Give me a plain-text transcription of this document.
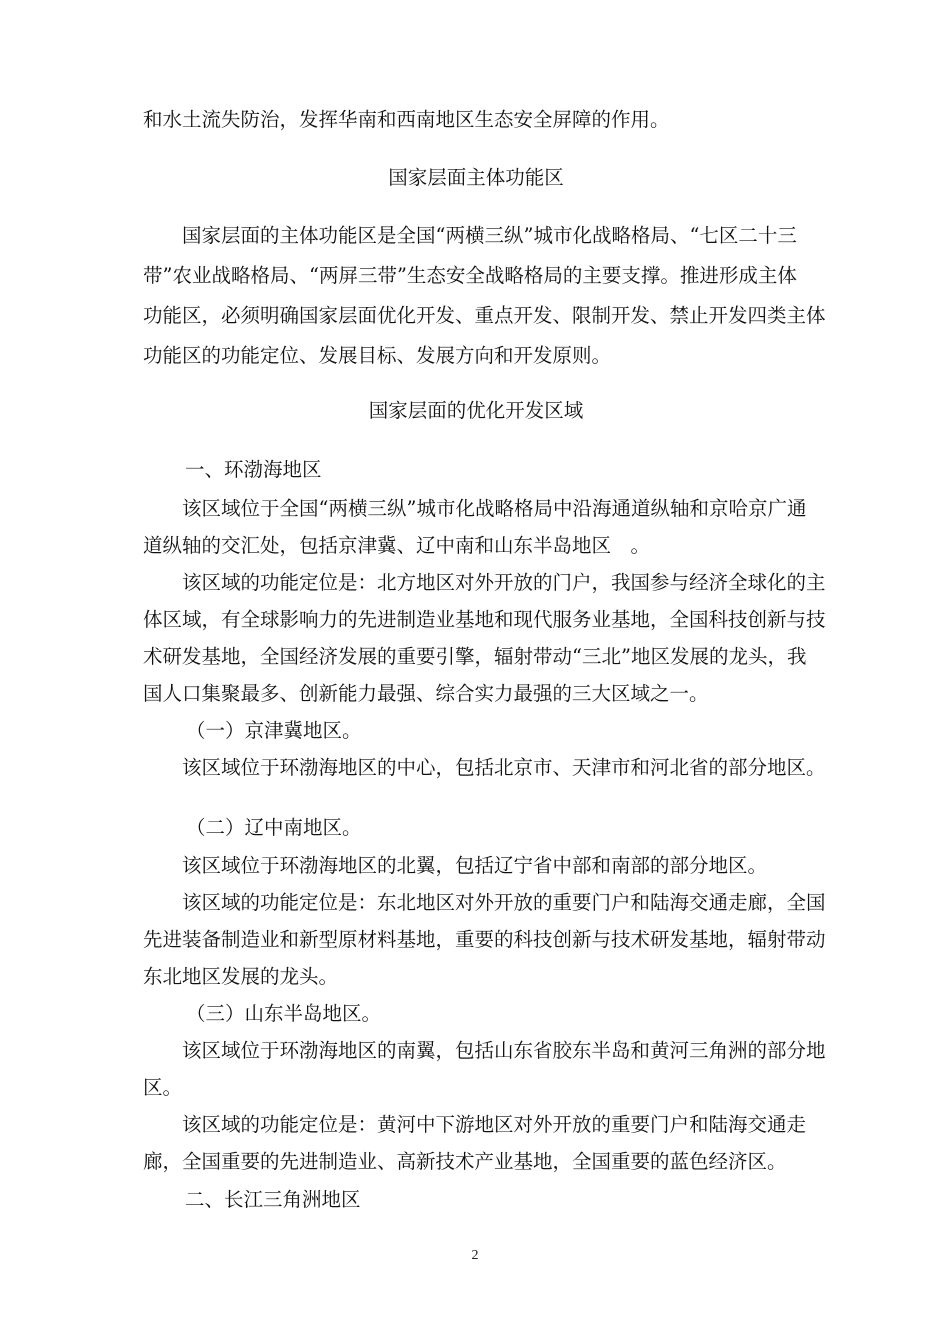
和水土流失防治，发挥华南和西南地区生态安全屏障的作用。
国家层面主体功能区
国家层面的主体功能区是全国“两横三纵”城市化战略格局、“七区二十三
带”农业战略格局、“两屏三带”生态安全战略格局的主要支撑。推进形成主体
功能区，必须明确国家层面优化开发、重点开发、限制开发、禁止开发四类主体
功能区的功能定位、发展目标、发展方向和开发原则。
国家层面的优化开发区域
一、环渤海地区
该区域位于全国“两横三纵”城市化战略格局中沿海通道纵轴和京哈京广通
道纵轴的交汇处，包括京津冀、辽中南和山东半岛地区　。
该区域的功能定位是：北方地区对外开放的门户，我国参与经济全球化的主
体区域，有全球影响力的先进制造业基地和现代服务业基地，全国科技创新与技
术研发基地，全国经济发展的重要引擎，辐射带动“三北”地区发展的龙头，我
国人口集聚最多、创新能力最强、综合实力最强的三大区域之一。
（一）京津冀地区。
该区域位于环渤海地区的中心，包括北京市、天津市和河北省的部分地区。
（二）辽中南地区。
该区域位于环渤海地区的北翼，包括辽宁省中部和南部的部分地区。
该区域的功能定位是：东北地区对外开放的重要门户和陆海交通走廊，全国
先进装备制造业和新型原材料基地，重要的科技创新与技术研发基地，辐射带动
东北地区发展的龙头。
（三）山东半岛地区。
该区域位于环渤海地区的南翼，包括山东省胶东半岛和黄河三角洲的部分地
区。
该区域的功能定位是：黄河中下游地区对外开放的重要门户和陆海交通走
廊，全国重要的先进制造业、高新技术产业基地，全国重要的蓝色经济区。
二、长江三角洲地区
2
